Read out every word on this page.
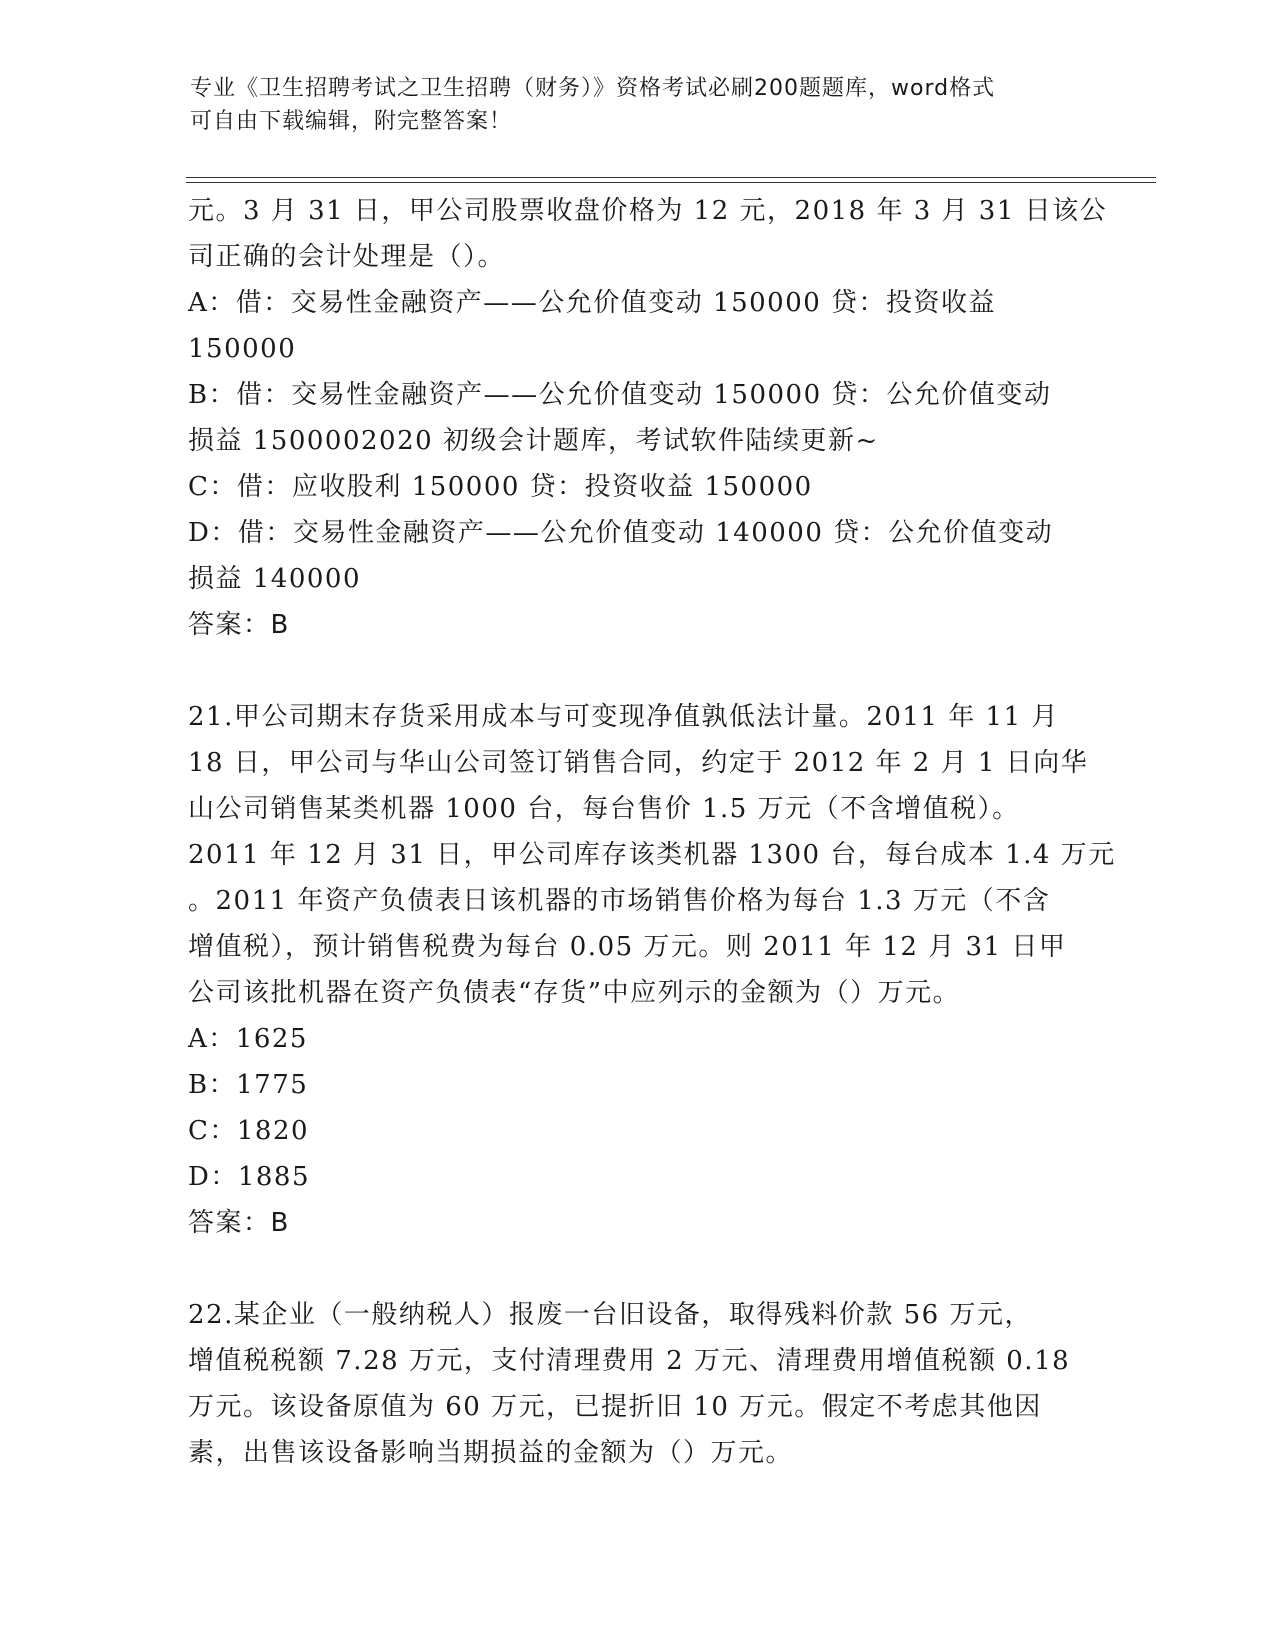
专业《卫生招聘考试之卫生招聘（财务）》资格考试必刷200题题库，word格式
可自由下载编辑，附完整答案！
元。3 月 31 日，甲公司股票收盘价格为 12 元，2018 年 3 月 31 日该公
司正确的会计处理是（）。
A：借：交易性金融资产——公允价值变动 150000 贷：投资收益
150000
B：借：交易性金融资产——公允价值变动 150000 贷：公允价值变动
损益 1500002020 初级会计题库，考试软件陆续更新~
C：借：应收股利 150000 贷：投资收益 150000
D：借：交易性金融资产——公允价值变动 140000 贷：公允价值变动
损益 140000
答案：B
21.甲公司期末存货采用成本与可变现净值孰低法计量。2011 年 11 月
18 日，甲公司与华山公司签订销售合同，约定于 2012 年 2 月 1 日向华
山公司销售某类机器 1000 台，每台售价 1.5 万元（不含增值税）。
2011 年 12 月 31 日，甲公司库存该类机器 1300 台，每台成本 1.4 万元
。2011 年资产负债表日该机器的市场销售价格为每台 1.3 万元（不含
增值税），预计销售税费为每台 0.05 万元。则 2011 年 12 月 31 日甲
公司该批机器在资产负债表“存货”中应列示的金额为（）万元。
A：1625
B：1775
C：1820
D：1885
答案：B
22.某企业（一般纳税人）报废一台旧设备，取得残料价款 56 万元，
增值税税额 7.28 万元，支付清理费用 2 万元、清理费用增值税额 0.18
万元。该设备原值为 60 万元，已提折旧 10 万元。假定不考虑其他因
素，出售该设备影响当期损益的金额为（）万元。
